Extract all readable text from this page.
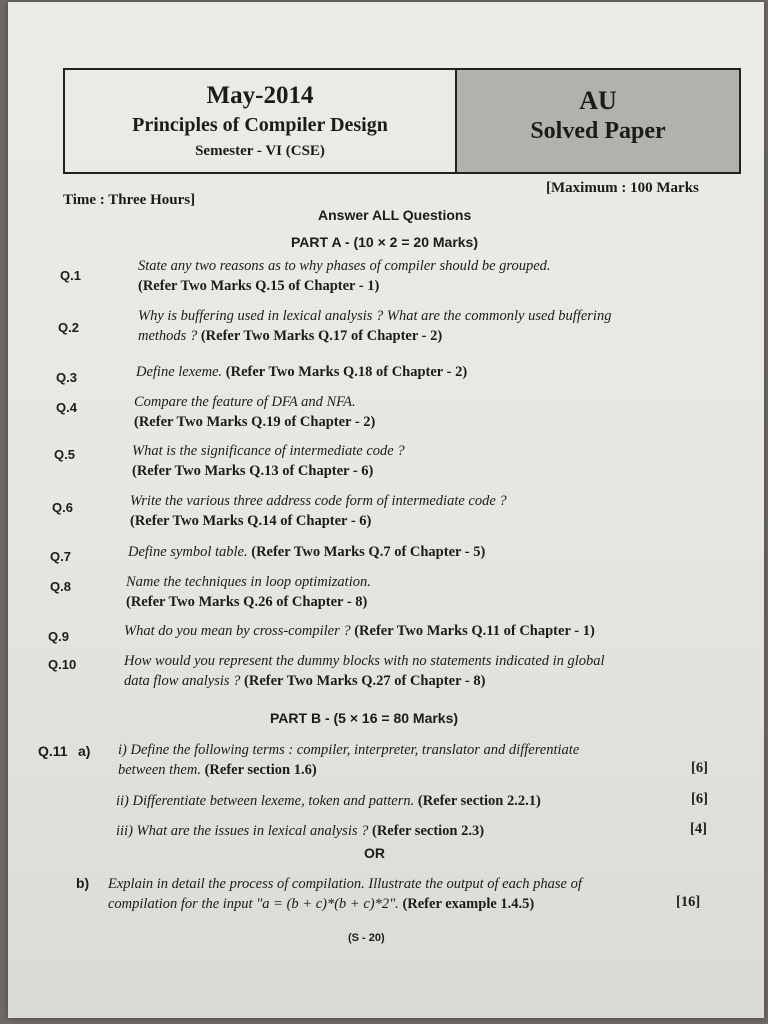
May-2014
Principles of Compiler Design
Semester - VI (CSE)
AU
Solved Paper
Time : Three Hours]
[Maximum : 100 Marks
Answer ALL Questions
PART A - (10 × 2 = 20 Marks)
Q.1
State any two reasons as to why phases of compiler should be grouped.
(Refer Two Marks Q.15 of Chapter - 1)
Q.2
Why is buffering used in lexical analysis ? What are the commonly used buffering
methods ? (Refer Two Marks Q.17 of Chapter - 2)
Q.3	Define lexeme. (Refer Two Marks Q.18 of Chapter - 2)
Q.4	Compare the feature of DFA and NFA.
(Refer Two Marks Q.19 of Chapter - 2)
Q.5	What is the significance of intermediate code ?
(Refer Two Marks Q.13 of Chapter - 6)
Q.6	Write the various three address code form of intermediate code ?
(Refer Two Marks Q.14 of Chapter - 6)
Q.7	Define symbol table. (Refer Two Marks Q.7 of Chapter - 5)
Q.8	Name the techniques in loop optimization.
(Refer Two Marks Q.26 of Chapter - 8)
Q.9	What do you mean by cross-compiler ? (Refer Two Marks Q.11 of Chapter - 1)
Q.10	How would you represent the dummy blocks with no statements indicated in global
data flow analysis ? (Refer Two Marks Q.27 of Chapter - 8)
PART B - (5 × 16 = 80 Marks)
Q.11 a) i) Define the following terms : compiler, interpreter, translator and differentiate
between them. (Refer section 1.6)	[6]
ii) Differentiate between lexeme, token and pattern. (Refer section 2.2.1)	[6]
iii) What are the issues in lexical analysis ? (Refer section 2.3)	[4]
OR
b) Explain in detail the process of compilation. Illustrate the output of each phase of
compilation for the input "a = (b + c)*(b + c)*2". (Refer example 1.4.5)	[16]
(S - 20)
